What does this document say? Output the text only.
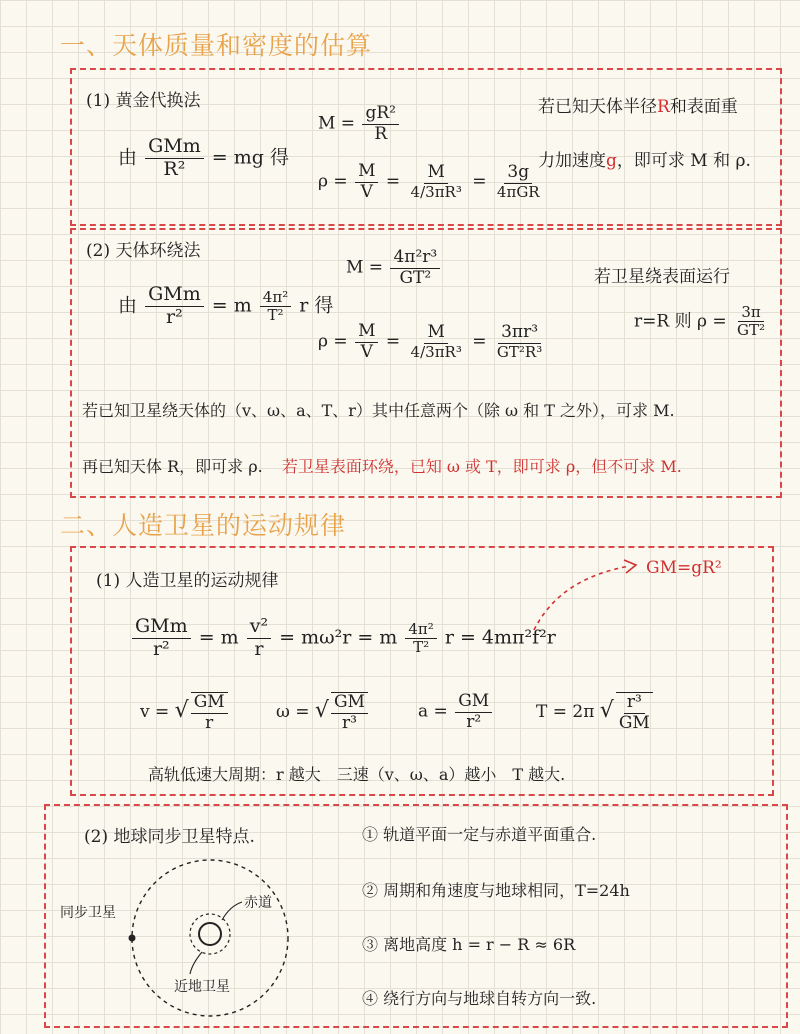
一、天体质量和密度的估算
(1) 黄金代换法
由 $\frac{\text{GMm}}{\text{R²}}$ = mg 得
$M = \frac{\text{gR²}}{R}$
$\rho = \frac{M}{V} = \frac{M}{\text{4/3πR³}} = \frac{3g}{\text{4πGR}}$
若已知天体半径R和表面重
力加速度g，即可求 M 和 ρ.
(2) 天体环绕法
由 $\frac{\text{GMm}}{\text{r²}} = m \frac{\text{4π²}}{\text{T²}}$ r 得
$M = \frac{\text{4π²r³}}{\text{GT²}}$
$\rho = \frac{M}{V} = \frac{M}{\text{4/3πR³}} = \frac{\text{3πr³}}{\text{GT²R³}}$
若卫星绕表面运行
r=R 则 $\rho = \frac{3\pi}{\text{GT²}}$
若已知卫星绕天体的（v、ω、a、T、r）其中任意两个（除 ω 和 T 之外），可求 M.
再已知天体 R，即可求 ρ. 若卫星表面环绕，已知 ω 或 T，即可求 ρ，但不可求 M.
二、人造卫星的运动规律
GM=gR²
(1) 人造卫星的运动规律
$\frac{\text{GMm}}{\text{r²}} = m \frac{\text{v²}}{r} = m\omega^2r = m \frac{\text{4π²}}{\text{T²}}$ r = 4mπ²f²r
v = √ $\frac{GM}{r}$	ω = √ $\frac{GM}{\text{r³}}$	$a = \frac{GM}{\text{r²}}$	T = 2π √ $\frac{\text{r³}}{GM}$
高轨低速大周期：r 越大　三速（v、ω、a）越小　T 越大.
(2) 地球同步卫星特点.
同步卫星
赤道
近地卫星
① 轨道平面一定与赤道平面重合.
② 周期和角速度与地球相同，T=24h
③ 离地高度 h = r − R ≈ 6R
④ 绕行方向与地球自转方向一致.
